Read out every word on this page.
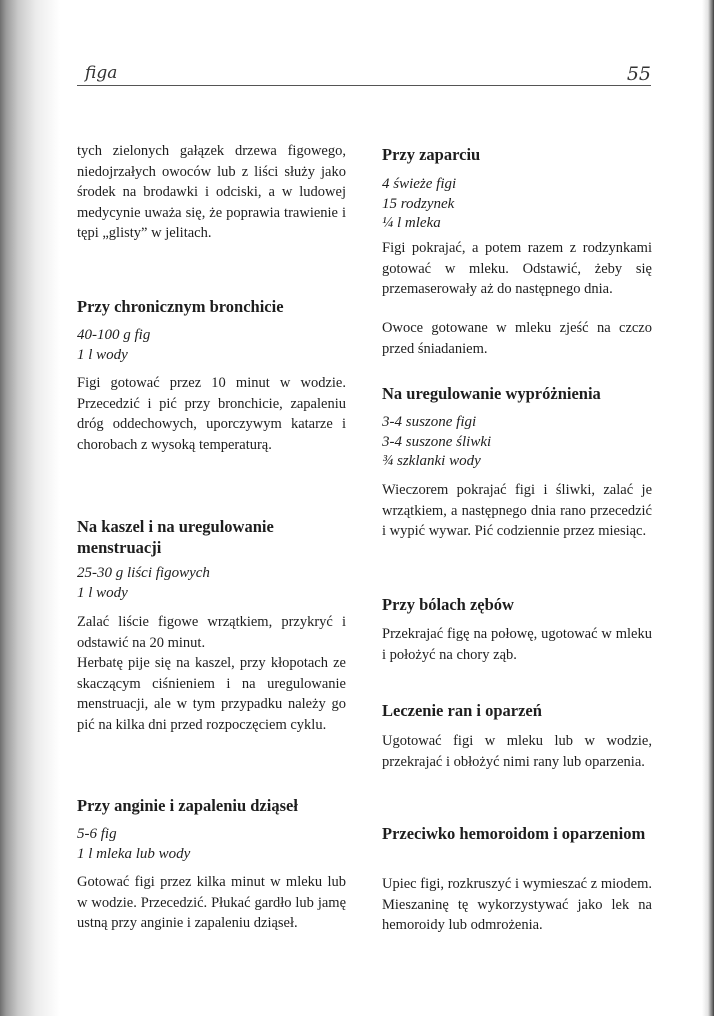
figa	55

tych zielonych gałązek drzewa figowego, niedojrzałych owoców lub z liści służy jako środek na brodawki i odciski, a w ludowej medycynie uważa się, że poprawia trawienie i tępi „glisty” w jelitach.

Przy chronicznym bronchicie
40-100 g fig
1 l wody

Figi gotować przez 10 minut w wodzie. Przecedzić i pić przy bronchicie, zapaleniu dróg oddechowych, uporczywym katarze i chorobach z wysoką temperaturą.

Na kaszel i na uregulowanie menstruacji
25-30 g liści figowych
1 l wody

Zalać liście figowe wrzątkiem, przykryć i odstawić na 20 minut.

Herbatę pije się na kaszel, przy kłopotach ze skaczącym ciśnieniem i na uregulowanie menstruacji, ale w tym przypadku należy go pić na kilka dni przed rozpoczęciem cyklu.

Przy anginie i zapaleniu dziąseł
5-6 fig
1 l mleka lub wody

Gotować figi przez kilka minut w mleku lub w wodzie. Przecedzić. Płukać gardło lub jamę ustną przy anginie i zapaleniu dziąseł.

Przy zaparciu
4 świeże figi
15 rodzynek
¼ l mleka

Figi pokrajać, a potem razem z rodzynkami gotować w mleku. Odstawić, żeby się przemaserowały aż do następnego dnia.

Owoce gotowane w mleku zjeść na czczo przed śniadaniem.

Na uregulowanie wypróżnienia
3-4 suszone figi
3-4 suszone śliwki
¾ szklanki wody

Wieczorem pokrajać figi i śliwki, zalać je wrzątkiem, a następnego dnia rano przecedzić i wypić wywar. Pić codziennie przez miesiąc.

Przy bólach zębów

Przekrajać figę na połowę, ugotować w mleku i położyć na chory ząb.

Leczenie ran i oparzeń

Ugotować figi w mleku lub w wodzie, przekrajać i obłożyć nimi rany lub oparzenia.

Przeciwko hemoroidom i oparzeniom

Upiec figi, rozkruszyć i wymieszać z miodem. Mieszaninę tę wykorzystywać jako lek na hemoroidy lub odmrożenia.
